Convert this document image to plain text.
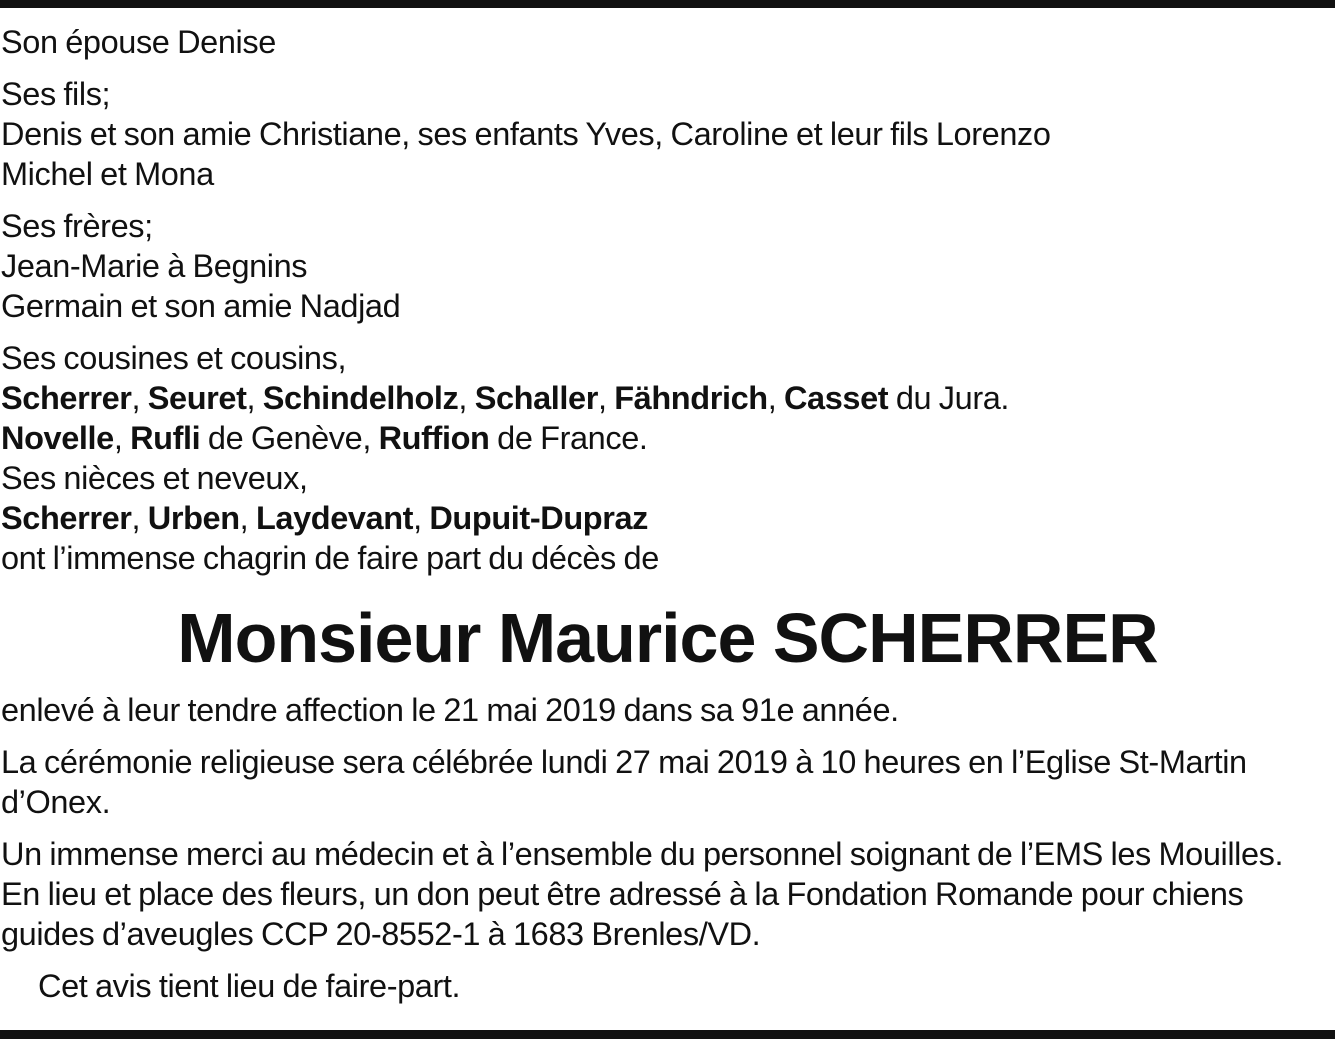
Son épouse Denise

Ses fils;

Denis et son amie Christiane, ses enfants Yves, Caroline et leur fils Lorenzo

Michel et Mona

Ses frères;

Jean-Marie à Begnins

Germain et son amie Nadjad

Ses cousines et cousins,

Scherrer, Seuret, Schindelholz, Schaller, Fähndrich, Casset du Jura.

Novelle, Rufli de Genève, Ruffion de France.

Ses nièces et neveux,

Scherrer, Urben, Laydevant, Dupuit-Dupraz

ont l’immense chagrin de faire part du décès de

Monsieur Maurice SCHERRER

enlevé à leur tendre affection le 21 mai 2019 dans sa 91e année.

La cérémonie religieuse sera célébrée lundi 27 mai 2019 à 10 heures en l’Eglise St-Martin

d’Onex.

Un immense merci au médecin et à l’ensemble du personnel soignant de l’EMS les Mouilles.

En lieu et place des fleurs, un don peut être adressé à la Fondation Romande pour chiens

guides d’aveugles CCP 20-8552-1 à 1683 Brenles/VD.

Cet avis tient lieu de faire-part.
